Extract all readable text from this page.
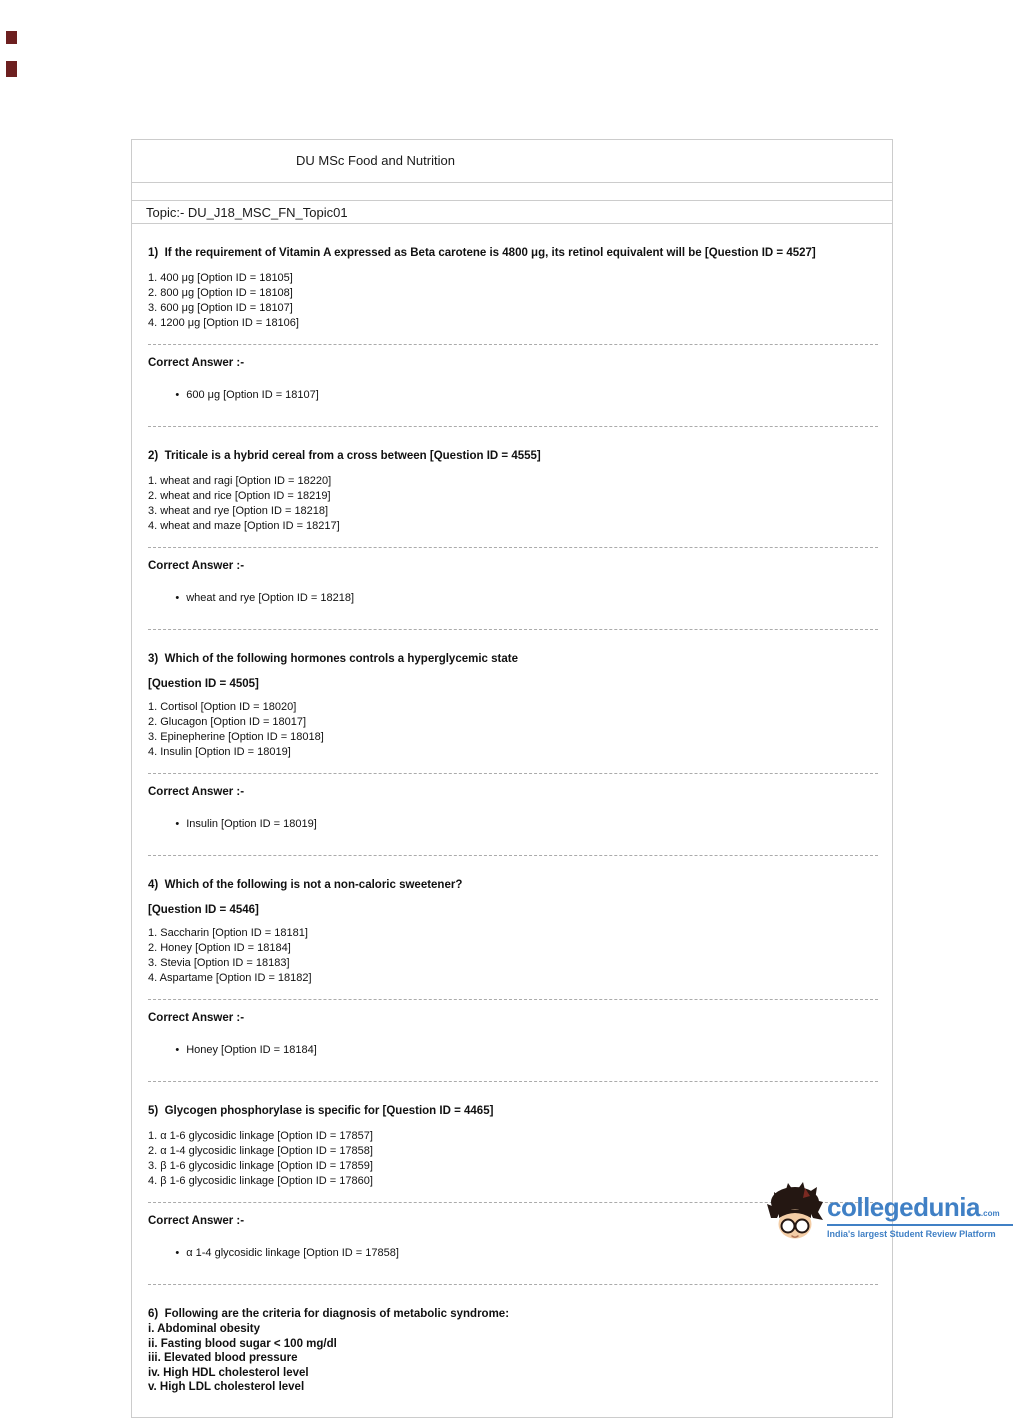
DU MSc Food and Nutrition
Topic:- DU_J18_MSC_FN_Topic01
1)  If the requirement of Vitamin A expressed as Beta carotene is 4800 μg, its retinol equivalent will be [Question ID = 4527]
1. 400 μg [Option ID = 18105]
2. 800 μg [Option ID = 18108]
3. 600 μg [Option ID = 18107]
4. 1200 μg [Option ID = 18106]
Correct Answer :-

• 600 μg [Option ID = 18107]

2)  Triticale is a hybrid cereal from a cross between [Question ID = 4555]
1. wheat and ragi [Option ID = 18220]
2. wheat and rice [Option ID = 18219]
3. wheat and rye [Option ID = 18218]
4. wheat and maze [Option ID = 18217]
Correct Answer :-

• wheat and rye [Option ID = 18218]

3)  Which of the following hormones controls a hyperglycemic state
[Question ID = 4505]
1. Cortisol [Option ID = 18020]
2. Glucagon [Option ID = 18017]
3. Epinepherine [Option ID = 18018]
4. Insulin [Option ID = 18019]
Correct Answer :-

• Insulin [Option ID = 18019]

4)  Which of the following is not a non-caloric sweetener?
[Question ID = 4546]
1. Saccharin [Option ID = 18181]
2. Honey [Option ID = 18184]
3. Stevia [Option ID = 18183]
4. Aspartame [Option ID = 18182]
Correct Answer :-

• Honey [Option ID = 18184]

5)  Glycogen phosphorylase is specific for [Question ID = 4465]
1. α 1-6 glycosidic linkage [Option ID = 17857]
2. α 1-4 glycosidic linkage [Option ID = 17858]
3. β 1-6 glycosidic linkage [Option ID = 17859]
4. β 1-6 glycosidic linkage [Option ID = 17860]
Correct Answer :-

• α 1-4 glycosidic linkage [Option ID = 17858]

6)  Following are the criteria for diagnosis of metabolic syndrome:
i. Abdominal obesity
ii. Fasting blood sugar < 100 mg/dl
iii. Elevated blood pressure
iv. High HDL cholesterol level
v. High LDL cholesterol level
collegedunia .com
India's largest Student Review Platform
